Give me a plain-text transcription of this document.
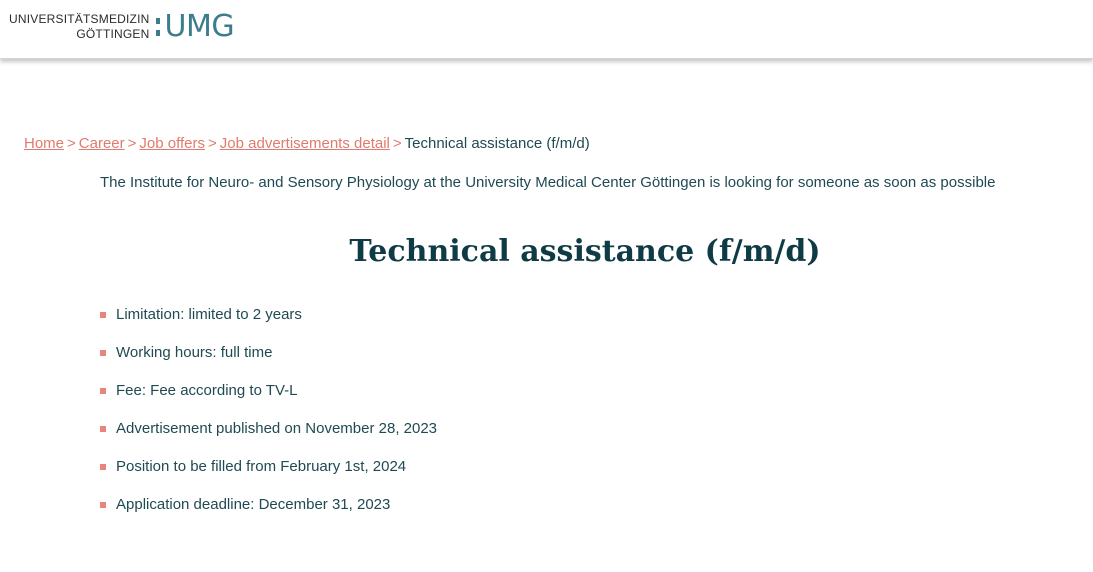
UNIVERSITÄTSMEDIZIN
GÖTTINGEN UMG
Home > Career > Job offers > Job advertisements detail > Technical assistance (f/m/d)

The Institute for Neuro- and Sensory Physiology at the University Medical Center Göttingen is looking for someone as soon as possible

Technical assistance (f/m/d)
Limitation: limited to 2 years
Working hours: full time
Fee: Fee according to TV-L
Advertisement published on November 28, 2023
Position to be filled from February 1st, 2024
Application deadline: December 31, 2023
